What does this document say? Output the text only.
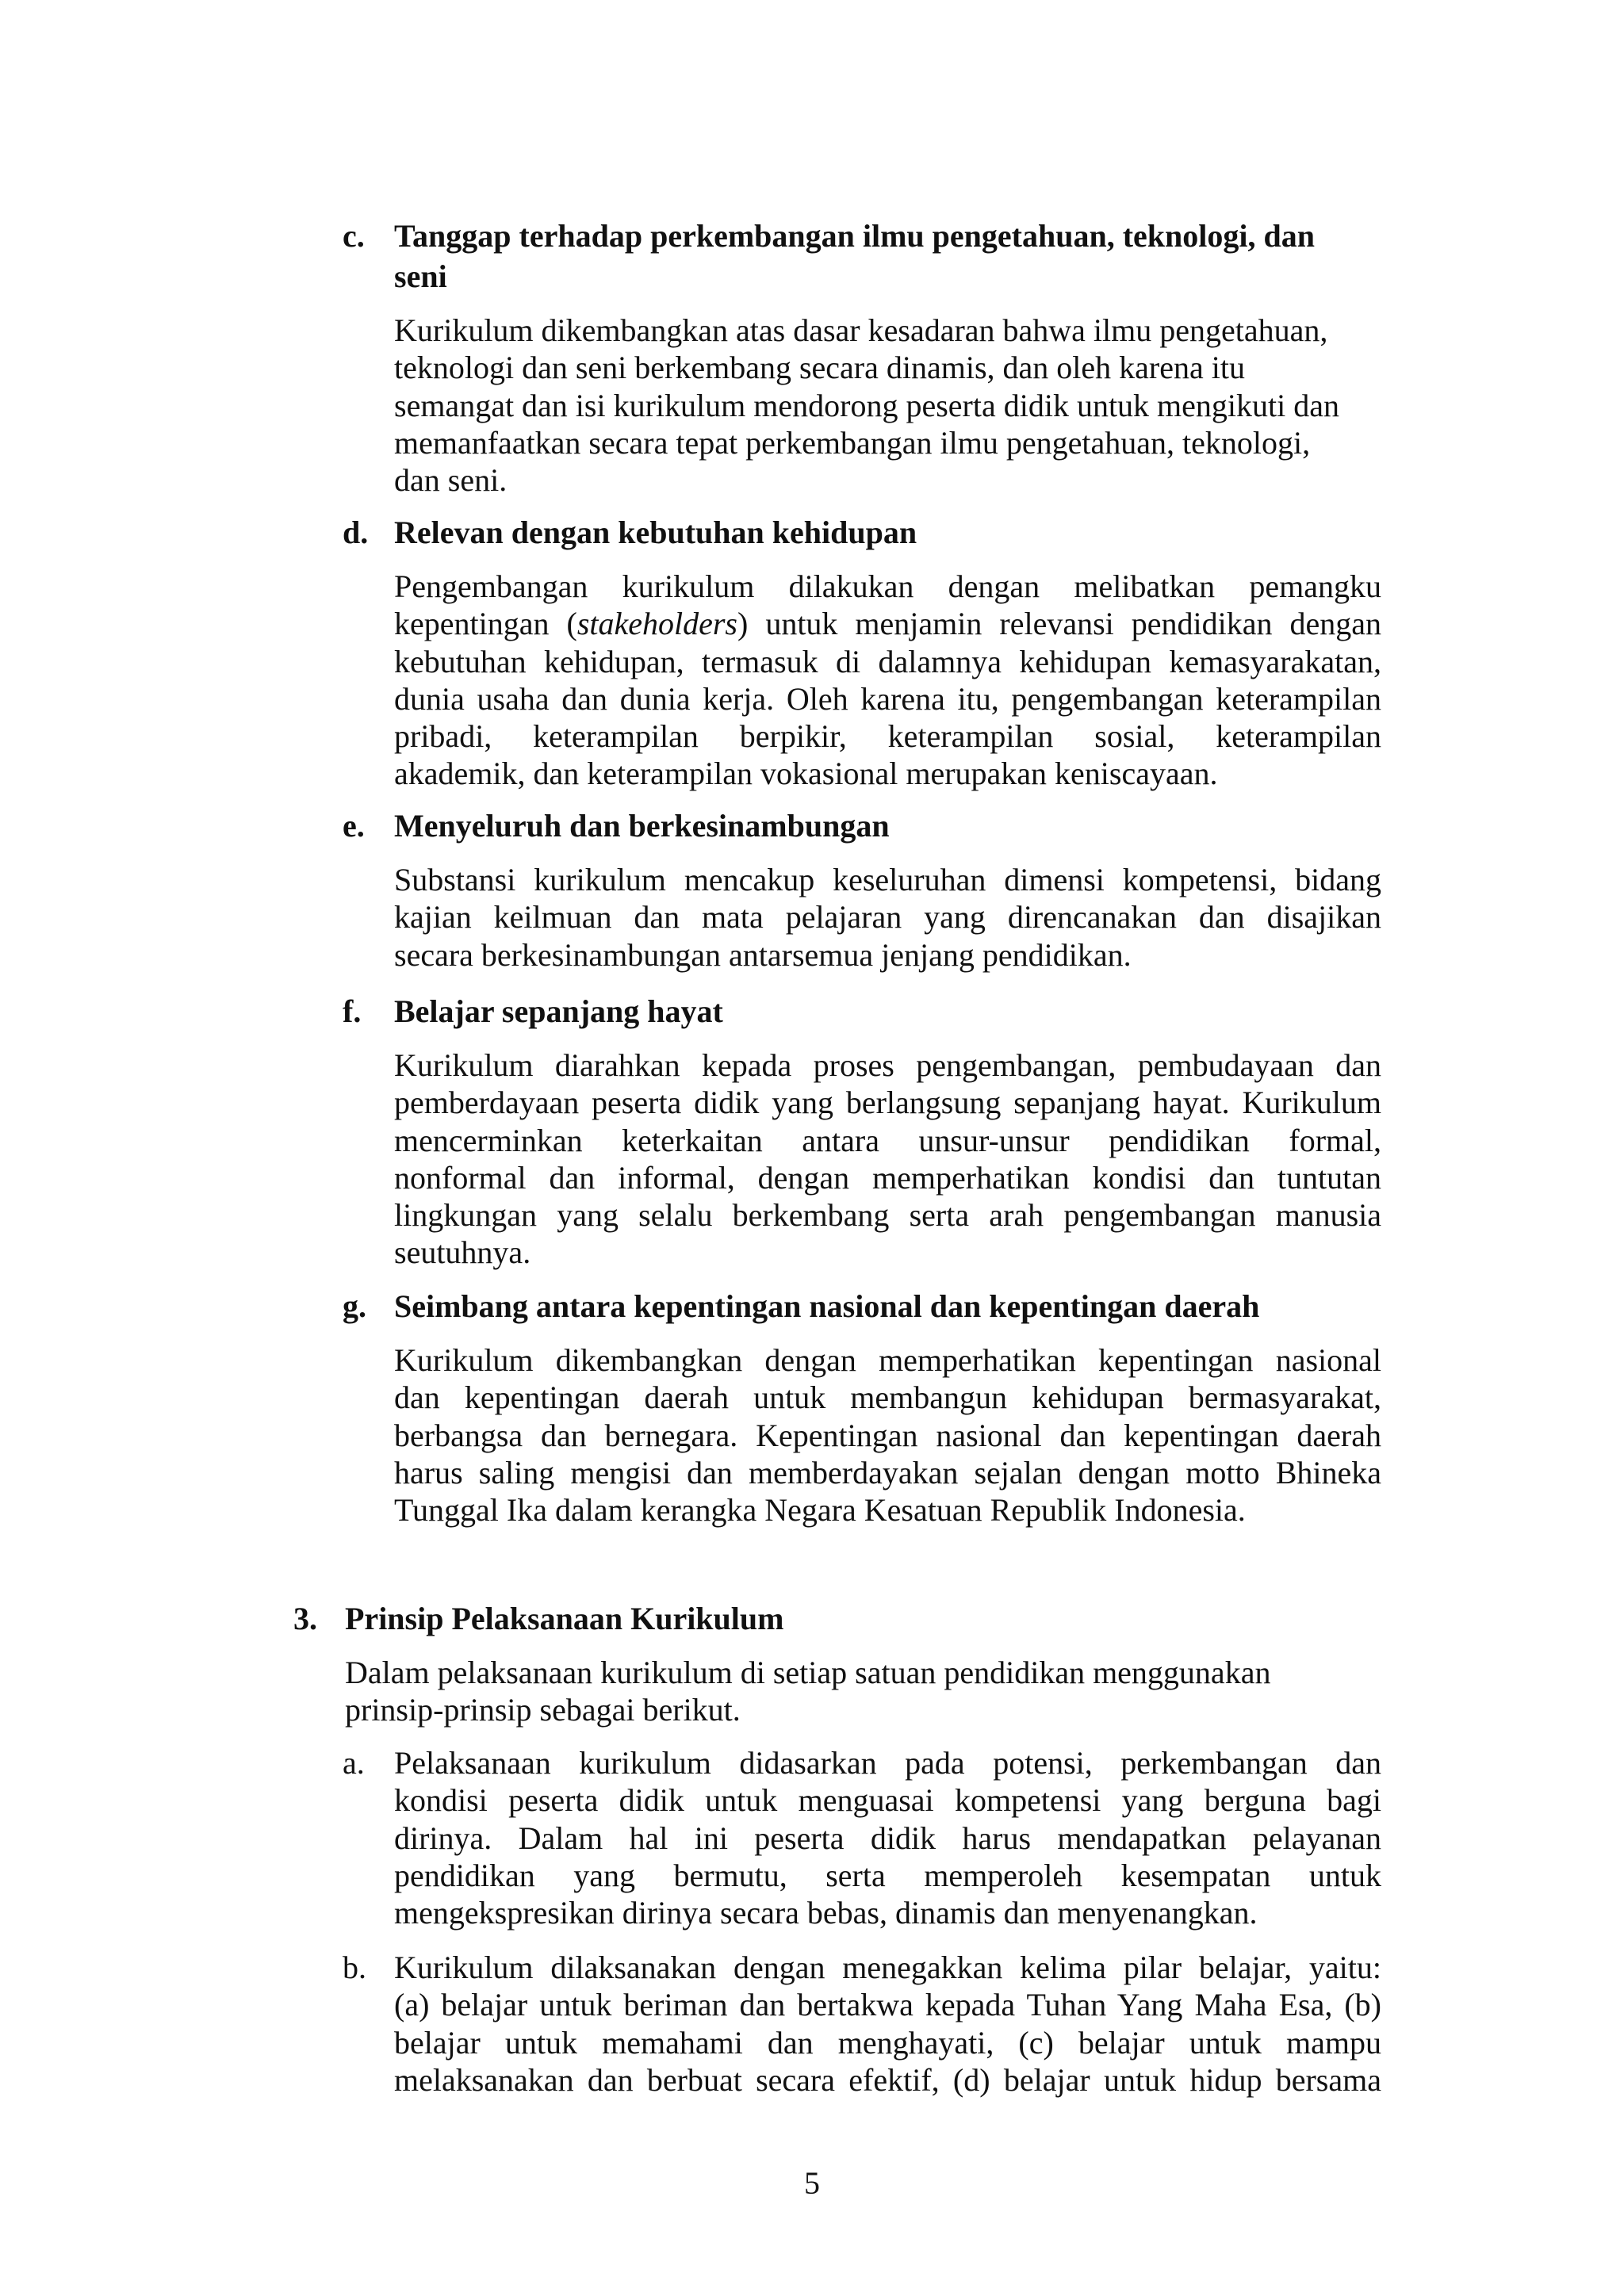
c. Tanggap terhadap perkembangan ilmu pengetahuan, teknologi, dan
seni
Kurikulum dikembangkan atas dasar kesadaran bahwa ilmu pengetahuan,
teknologi dan seni berkembang secara dinamis, dan oleh karena itu
semangat dan isi kurikulum mendorong peserta didik untuk mengikuti dan
memanfaatkan secara tepat perkembangan ilmu pengetahuan, teknologi,
dan seni.
d. Relevan dengan kebutuhan kehidupan
Pengembangan kurikulum dilakukan dengan melibatkan pemangku
kepentingan (stakeholders) untuk menjamin relevansi pendidikan dengan
kebutuhan kehidupan, termasuk di dalamnya kehidupan kemasyarakatan,
dunia usaha dan dunia kerja. Oleh karena itu, pengembangan keterampilan
pribadi, keterampilan berpikir, keterampilan sosial, keterampilan
akademik, dan keterampilan vokasional merupakan keniscayaan.
e. Menyeluruh dan berkesinambungan
Substansi kurikulum mencakup keseluruhan dimensi kompetensi, bidang
kajian keilmuan dan mata pelajaran yang direncanakan dan disajikan
secara berkesinambungan antarsemua jenjang pendidikan.
f. Belajar sepanjang hayat
Kurikulum diarahkan kepada proses pengembangan, pembudayaan dan
pemberdayaan peserta didik yang berlangsung sepanjang hayat. Kurikulum
mencerminkan keterkaitan antara unsur-unsur pendidikan formal,
nonformal dan informal, dengan memperhatikan kondisi dan tuntutan
lingkungan yang selalu berkembang serta arah pengembangan manusia
seutuhnya.
g. Seimbang antara kepentingan nasional dan kepentingan daerah
Kurikulum dikembangkan dengan memperhatikan kepentingan nasional
dan kepentingan daerah untuk membangun kehidupan bermasyarakat,
berbangsa dan bernegara. Kepentingan nasional dan kepentingan daerah
harus saling mengisi dan memberdayakan sejalan dengan motto Bhineka
Tunggal Ika dalam kerangka Negara Kesatuan Republik Indonesia.
3. Prinsip Pelaksanaan Kurikulum
Dalam pelaksanaan kurikulum di setiap satuan pendidikan menggunakan
prinsip-prinsip sebagai berikut.
a. Pelaksanaan kurikulum didasarkan pada potensi, perkembangan dan
kondisi peserta didik untuk menguasai kompetensi yang berguna bagi
dirinya. Dalam hal ini peserta didik harus mendapatkan pelayanan
pendidikan yang bermutu, serta memperoleh kesempatan untuk
mengekspresikan dirinya secara bebas, dinamis dan menyenangkan.
b. Kurikulum dilaksanakan dengan menegakkan kelima pilar belajar, yaitu:
(a) belajar untuk beriman dan bertakwa kepada Tuhan Yang Maha Esa, (b)
belajar untuk memahami dan menghayati, (c) belajar untuk mampu
melaksanakan dan berbuat secara efektif, (d) belajar untuk hidup bersama
5
